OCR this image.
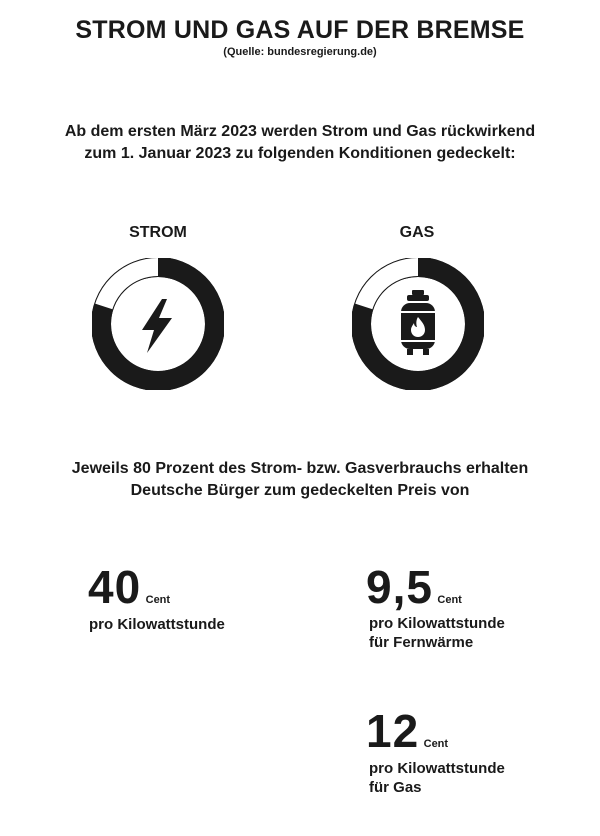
STROM UND GAS AUF DER BREMSE
(Quelle: bundesregierung.de)
Ab dem ersten März 2023 werden Strom und Gas rückwirkend
zum 1. Januar 2023 zu folgenden Konditionen gedeckelt:
STROM	GAS
Jeweils 80 Prozent des Strom- bzw. Gasverbrauchs erhalten
Deutsche Bürger zum gedeckelten Preis von
40 Cent
pro Kilowattstunde
9,5 Cent
pro Kilowattstunde
für Fernwärme
12 Cent
pro Kilowattstunde
für Gas
